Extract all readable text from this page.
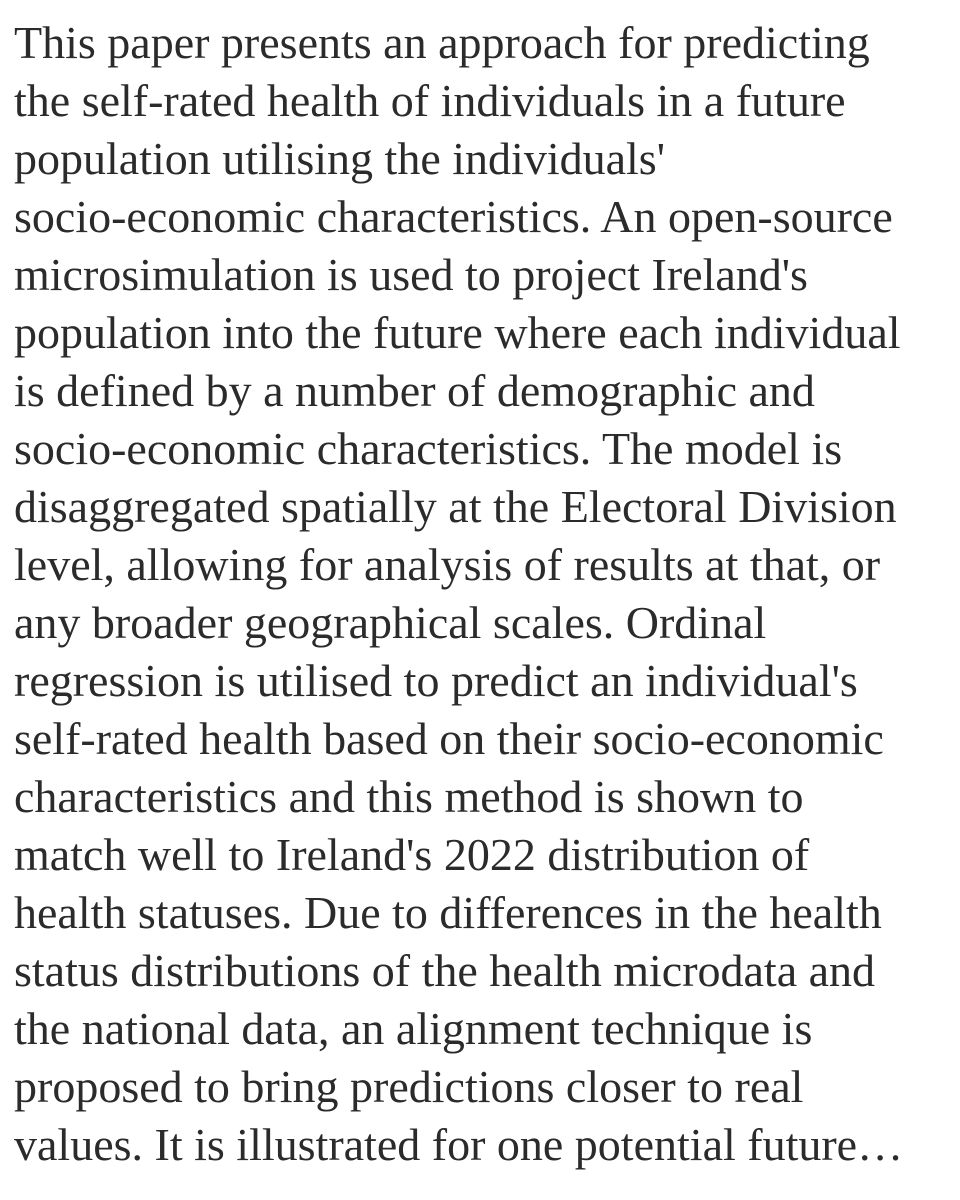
This paper presents an approach for predicting
the self-rated health of individuals in a future
population utilising the individuals'
socio-economic characteristics. An open-source
microsimulation is used to project Ireland's
population into the future where each individual
is defined by a number of demographic and
socio-economic characteristics. The model is
disaggregated spatially at the Electoral Division
level, allowing for analysis of results at that, or
any broader geographical scales. Ordinal
regression is utilised to predict an individual's
self-rated health based on their socio-economic
characteristics and this method is shown to
match well to Ireland's 2022 distribution of
health statuses. Due to differences in the health
status distributions of the health microdata and
the national data, an alignment technique is
proposed to bring predictions closer to real
values. It is illustrated for one potential future…
